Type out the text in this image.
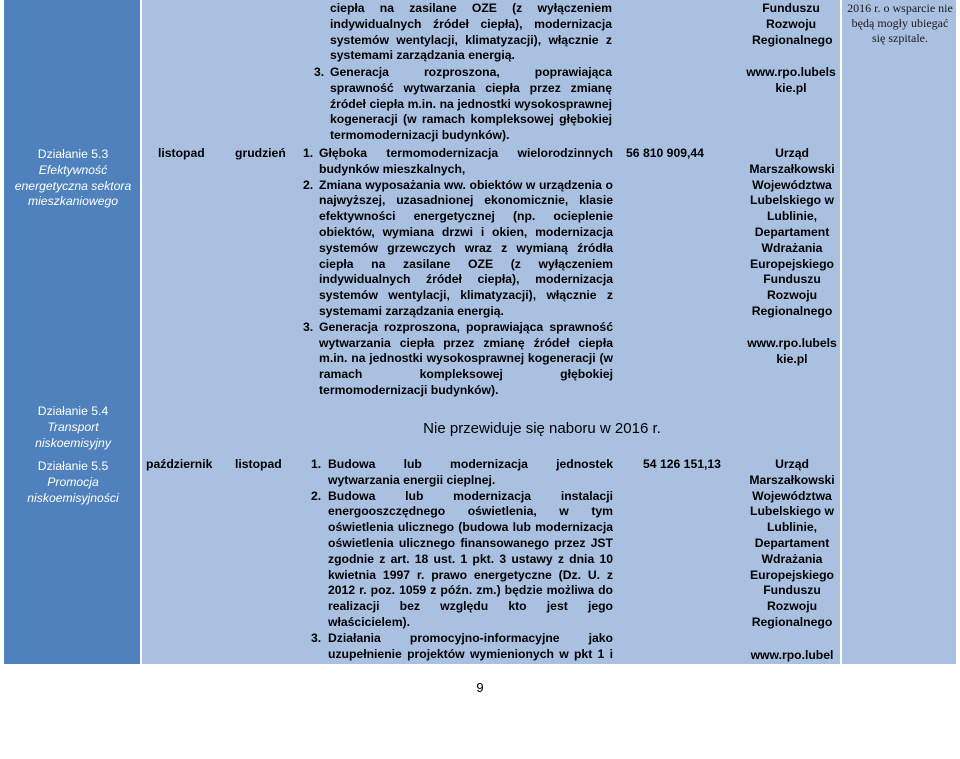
Działanie 5.3
Efektywność energetyczna sektora mieszkaniowego
Działanie 5.4
Transport niskoemisyjny
Działanie 5.5
Promocja niskoemisyjności
ciepła na zasilane OZE (z wyłączeniem indywidualnych źródeł ciepła), modernizacja systemów wentylacji, klimatyzacji), włącznie z systemami zarządzania energią.
3. Generacja rozproszona, poprawiająca sprawność wytwarzania ciepła przez zmianę źródeł ciepła m.in. na jednostki wysokosprawnej kogeneracji (w ramach kompleksowej głębokiej termomodernizacji budynków).
Funduszu Rozwoju Regionalnego
www.rpo.lubelskie.pl
2016 r. o wsparcie nie będą mogły ubiegać się szpitale.
listopad grudzień 1. Głęboka termomodernizacja wielorodzinnych budynków mieszkalnych,
2. Zmiana wyposażania ww. obiektów w urządzenia o najwyższej, uzasadnionej ekonomicznie, klasie efektywności energetycznej (np. ocieplenie obiektów, wymiana drzwi i okien, modernizacja systemów grzewczych wraz z wymianą źródła ciepła na zasilane OZE (z wyłączeniem indywidualnych źródeł ciepła), modernizacja systemów wentylacji, klimatyzacji), włącznie z systemami zarządzania energią.
3. Generacja rozproszona, poprawiająca sprawność wytwarzania ciepła przez zmianę źródeł ciepła m.in. na jednostki wysokosprawnej kogeneracji (w ramach kompleksowej głębokiej termomodernizacji budynków).
56 810 909,44	Urząd Marszałkowski Województwa Lubelskiego w Lublinie, Departament Wdrażania Europejskiego Funduszu Rozwoju Regionalnego
www.rpo.lubelskie.pl
Nie przewiduje się naboru w 2016 r.
październik listopad 1. Budowa lub modernizacja jednostek wytwarzania energii cieplnej.
2. Budowa lub modernizacja instalacji energooszczędnego oświetlenia, w tym oświetlenia ulicznego (budowa lub modernizacja oświetlenia ulicznego finansowanego przez JST zgodnie z art. 18 ust. 1 pkt. 3 ustawy z dnia 10 kwietnia 1997 r. prawo energetyczne (Dz. U. z 2012 r. poz. 1059 z późn. zm.) będzie możliwa do realizacji bez względu kto jest jego właścicielem).
3. Działania promocyjno-informacyjne jako uzupełnienie projektów wymienionych w pkt 1 i
54 126 151,13	Urząd Marszałkowski Województwa Lubelskiego w Lublinie, Departament Wdrażania Europejskiego Funduszu Rozwoju Regionalnego
www.rpo.lubel
9
